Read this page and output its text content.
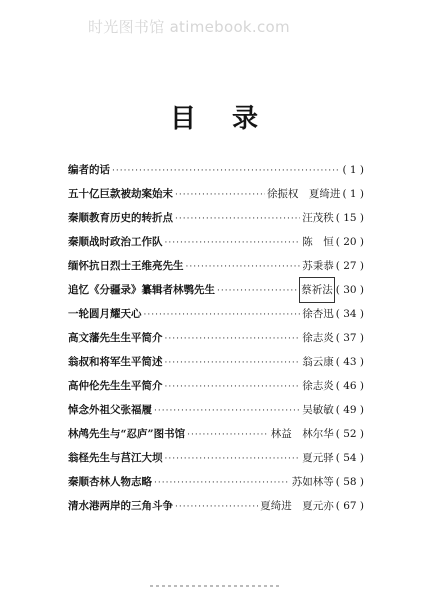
时光图书馆 atimebook.com
目 录
编者的话 ·····	( 1 )
五十亿巨款被劫案始末 ·····	徐振权　夏绮进 ( 1 )
秦顺教育历史的转折点 ·····	汪茂秩 ( 15 )
秦顺战时政治工作队 ·····	陈　恒 ( 20 )
缅怀抗日烈士王维亮先生 ·····	苏秉恭 ( 27 )
追忆《分疆录》纂辑者林鹗先生 ·····	蔡祈法 ( 30 )
一轮圆月耀天心 ·····	徐杏迅 ( 34 )
高文藩先生生平简介 ·····	徐志炎 ( 37 )
翁叔和将军生平简述 ·····	翁云康 ( 43 )
高仲伦先生生平简介 ·····	徐志炎 ( 46 )
悼念外祖父张福履 ·····	吴敏敏 ( 49 )
林鸬先生与“忍庐”图书馆 ·····	林益　林尔华 ( 52 )
翁柽先生与莒江大坝 ·····	夏元驿 ( 54 )
秦顺杏林人物志略 ·····	苏如林等 ( 58 )
清水港两岸的三角斗争 ·····	夏绮进　夏元亦 ( 67 )
